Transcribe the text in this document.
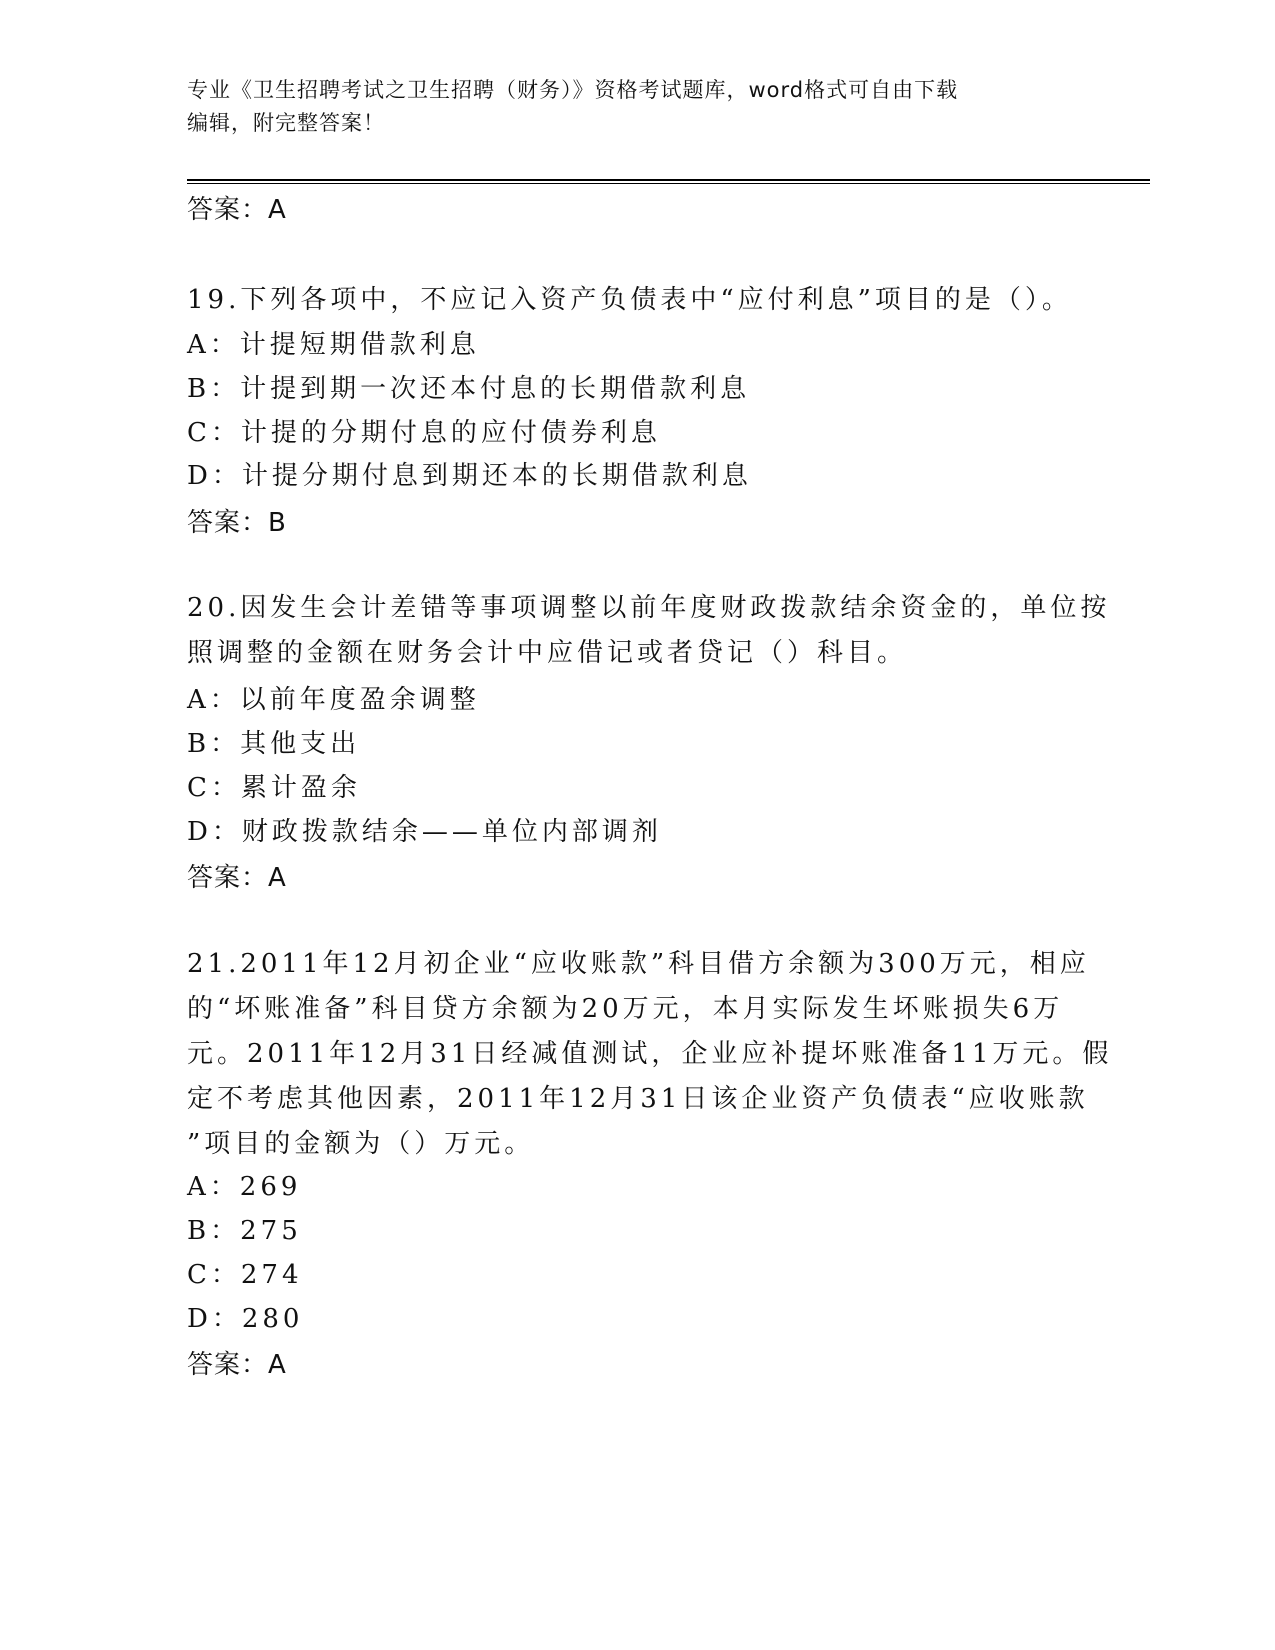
专业《卫生招聘考试之卫生招聘（财务）》资格考试题库，word格式可自由下载
编辑，附完整答案！
答案：A
19.下列各项中，不应记入资产负债表中“应付利息”项目的是（）。
A：计提短期借款利息
B：计提到期一次还本付息的长期借款利息
C：计提的分期付息的应付债券利息
D：计提分期付息到期还本的长期借款利息
答案：B
20.因发生会计差错等事项调整以前年度财政拨款结余资金的，单位按
照调整的金额在财务会计中应借记或者贷记（）科目。
A：以前年度盈余调整
B：其他支出
C：累计盈余
D：财政拨款结余——单位内部调剂
答案：A
21.2011年12月初企业“应收账款”科目借方余额为300万元，相应
的“坏账准备”科目贷方余额为20万元，本月实际发生坏账损失6万
元。2011年12月31日经减值测试，企业应补提坏账准备11万元。假
定不考虑其他因素，2011年12月31日该企业资产负债表“应收账款
”项目的金额为（）万元。
A：269
B：275
C：274
D：280
答案：A
